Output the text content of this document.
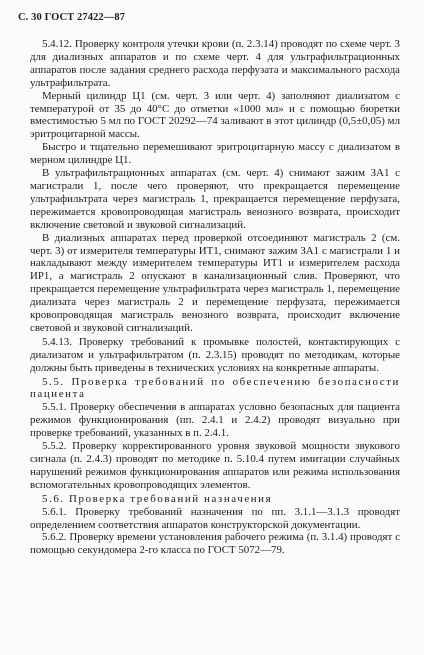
С. 30 ГОСТ 27422—87

5.4.12. Проверку контроля утечки крови (п. 2.3.14) проводят по схеме черт. 3 для диализных аппаратов и по схеме черт. 4 для ультрафильтрационных аппаратов после задания среднего расхода перфузата и максимального расхода ультрафильтрата.

Мерный цилиндр Ц1 (см. черт. 3 или черт. 4) заполняют диализатом с температурой от 35 до 40°С до отметки «1000 мл» и с помощью бюретки вместимостью 5 мл по ГОСТ 20292—74 заливают в этот цилиндр (0,5±0,05) мл эритроцитарной массы.

Быстро и тщательно перемешивают эритроцитарную массу с диализатом в мерном цилиндре Ц1.

В ультрафильтрационных аппаратах (см. черт. 4) снимают зажим ЗА1 с магистрали 1, после чего проверяют, что прекращается перемещение ультрафильтрата через магистраль 1, прекращается перемещение перфузата, пережимается кровопроводящая магистраль венозного возврата, происходит включение световой и звуковой сигнализаций.

В диализных аппаратах перед проверкой отсоединяют магистраль 2 (см. черт. 3) от измерителя температуры ИТ1, снимают зажим ЗА1 с магистрали 1 и накладывают между измерителем температуры ИТ1 и измерителем расхода ИР1, а магистраль 2 опускают в канализационный слив. Проверяют, что прекращается перемещение ультрафильтрата через магистраль 1, перемещение диализата через магистраль 2 и перемещение перфузата, пережимается кровопроводящая магистраль венозного возврата, происходит включение световой и звуковой сигнализаций.

5.4.13. Проверку требований к промывке полостей, контактирующих с диализатом и ультрафильтратом (п. 2.3.15) проводят по методикам, которые должны быть приведены в технических условиях на конкретные аппараты.

5.5. Проверка требований по обеспечению безопасности пациента

5.5.1. Проверку обеспечения в аппаратах условно безопасных для пациента режимов функционирования (пп. 2.4.1 и 2.4.2) проводят визуально при проверке требований, указанных в п. 2.4.1.

5.5.2. Проверку корректированного уровня звуковой мощности звукового сигнала (п. 2.4.3) проводят по методике п. 5.10.4 путем имитации случайных нарушений режимов функционирования аппаратов или режима использования вспомогательных кровопроводящих элементов.

5.6. Проверка требований назначения

5.6.1. Проверку требований назначения по пп. 3.1.1—3.1.3 проводят определением соответствия аппаратов конструкторской документации.

5.6.2. Проверку времени установления рабочего режима (п. 3.1.4) проводят с помощью секундомера 2-го класса по ГОСТ 5072—79.
